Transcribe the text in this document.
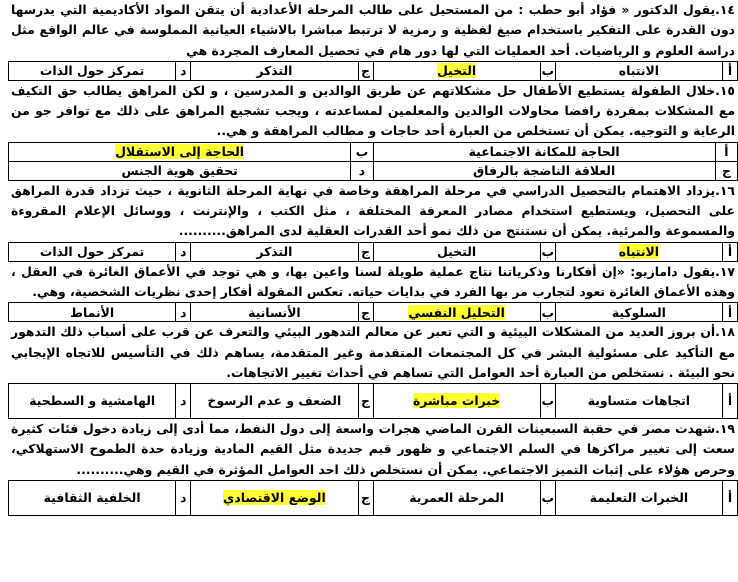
١٤.يقول الدكتور « فؤاد أبو حطب : من المستحيل على طالب المرحلة الأعدادية أن يتقن المواد الأكاديمية التي يدرسها دون القدرة على التفكير باستخدام صيغ لفظية و رمزية لا ترتبط مباشرا بالاشياء العيانية المملوسة في عالم الواقع مثل دراسة العلوم و الرياضيات. أحد العمليات التي لها دور هام في تحصيل المعارف المجردة هي

أ	الانتباه	ب	التخيل	ج	التذكر	د	تمركز حول الذات

١٥.خلال الطفولة يستطيع الأطفال حل مشكلاتهم عن طريق الوالدين و المدرسين ، و لكن المراهق يطالب حق التكيف مع المشكلات بمفردة رافضا محاولات الوالدين والمعلمين لمساعدته ، ويجب تشجيع المراهق على ذلك مع توافر جو من الرعاية و التوجيه. يمكن أن تستخلص من العبارة أحد حاجات و مطالب المراهقة و هي..

أ	الحاجة للمكانة الاجتماعية	ب	الحاجة إلى الاستقلال
ج	العلاقة الناضجة بالرفاق	د	تحقيق هوية الجنس

١٦.يزداد الاهتمام بالتحصيل الدراسي في مرحلة المراهقة وخاصة في نهاية المرحلة الثانوية ، حيث تزداد قدرة المراهق على التحصيل، ويستطيع استخدام مصادر المعرفة المختلفة ، مثل الكتب ، والإنترنت ، ووسائل الإعلام المقروءة والمسموعة والمرئية. يمكن أن نستنتج من ذلك نمو أحد القدرات العقلية لدى المراهق..........

أ	الانتباه	ب	التخيل	ج	التذكر	د	تمركز حول الذات

١٧.يقول دامازيو: «إن أفكارنا وذكرياتنا نتاج عملية طويلة لسنا واعين بها، و هي توجد في الأعماق الغائرة في العقل ، وهذه الأعماق الغائرة تعود لتجارب مر بها الفرد في بدايات حياته. تعكس المقولة أفكار إحدى نظريات الشخصية، وهي.

أ	السلوكية	ب	التحليل النفسي	ج	الأنسانية	د	الأنماط

١٨.أن بروز العديد من المشكلات البيئية و التي تعبر عن معالم التدهور البيئي والتعرف عن قرب على أسباب ذلك التدهور مع التأكيد على مسئولية البشر في كل المجتمعات المتقدمة وغير المتقدمة، يساهم ذلك في التأسيس للاتجاه الإيجابي نحو البيئة . نستخلص من العبارة أحد العوامل التي تساهم في أحداث تغيير الاتجاهات.

أ	اتجاهات متساوية	ب	خبرات مباشرة	ج	الضعف و عدم الرسوخ	د	الهامشية و السطحية

١٩.شهدت مصر في حقبة السبعينات القرن الماضي هجرات واسعة إلى دول النفط، مما أدى إلى زيادة دخول فئات كثيرة سعت إلى تغيير مراكزها في السلم الاجتماعي و ظهور قيم جديدة مثل القيم المادية وزيادة حدة الطموح الاستهلاكي، وحرص هؤلاء على إثبات التميز الاجتماعي. يمكن أن نستخلص ذلك احد العوامل المؤثرة في القيم وهي..........

أ	الخبرات التعليمة	ب	المرحلة العمرية	ج	الوضع الاقتصادي	د	الخلفية الثقافية
